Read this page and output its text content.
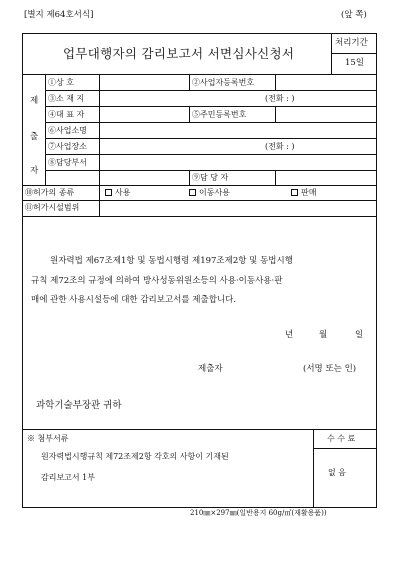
[별지 제64호서식]	(앞 쪽)
업무대행자의 감리보고서 서면심사신청서
처리기간
15일
제
출
자
①상 호	②사업자등록번호
③소 재 지	(전화 : )
④대 표 자	⑤주민등록번호
⑥사업소명
⑦사업장소	(전화 : )
⑧담당부서
⑨담 당 자
⑩허가의 종류	사용	이동사용	판매
⑪허가시설범위
원자력법 제67조제1항 및 동법시행령 제197조제2항 및 동법시행
규칙 제72조의 규정에 의하여 방사성동위원소등의 사용·이동사용·판
매에 관한 사용시설등에 대한 감리보고서를 제출합니다.
년	월	일
제출자	(서명 또는 인)
과학기술부장관 귀하
※ 첨부서류
원자력법시행규칙 제72조제2항 각호의 사항이 기재된
감리보고서 1부
수 수 료
없 음
210㎜×297㎜(일반용지 60g/㎡(재활용품))
